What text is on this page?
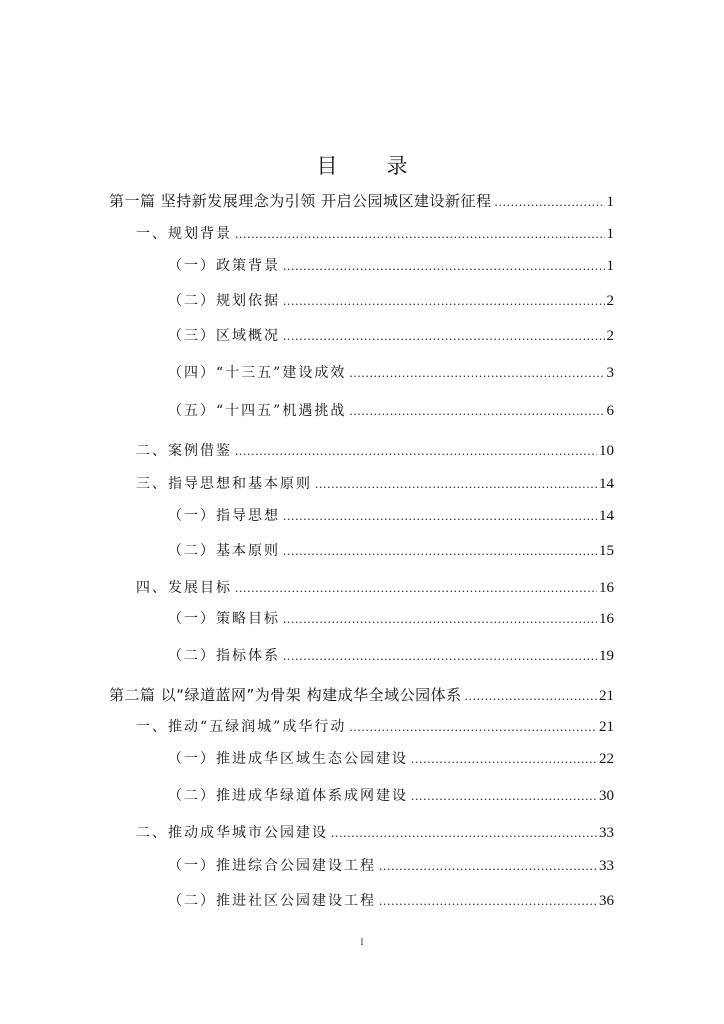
目　录
第一篇 坚持新发展理念为引领 开启公园城区建设新征程 .....	1
一、规划背景 .....	1
（一）政策背景 .....	1
（二）规划依据 .....	2
（三）区域概况 .....	2
（四）“十三五”建设成效 .....	3
（五）“十四五”机遇挑战 .....	6
二、案例借鉴 .....	10
三、指导思想和基本原则 .....	14
（一）指导思想 .....	14
（二）基本原则 .....	15
四、发展目标 .....	16
（一）策略目标 .....	16
（二）指标体系 .....	19
第二篇 以“绿道蓝网”为骨架 构建成华全域公园体系 .....	21
一、推动“五绿润城”成华行动 .....	21
（一）推进成华区域生态公园建设 .....	22
（二）推进成华绿道体系成网建设 .....	30
二、推动成华城市公园建设 .....	33
（一）推进综合公园建设工程 .....	33
（二）推进社区公园建设工程 .....	36
I
